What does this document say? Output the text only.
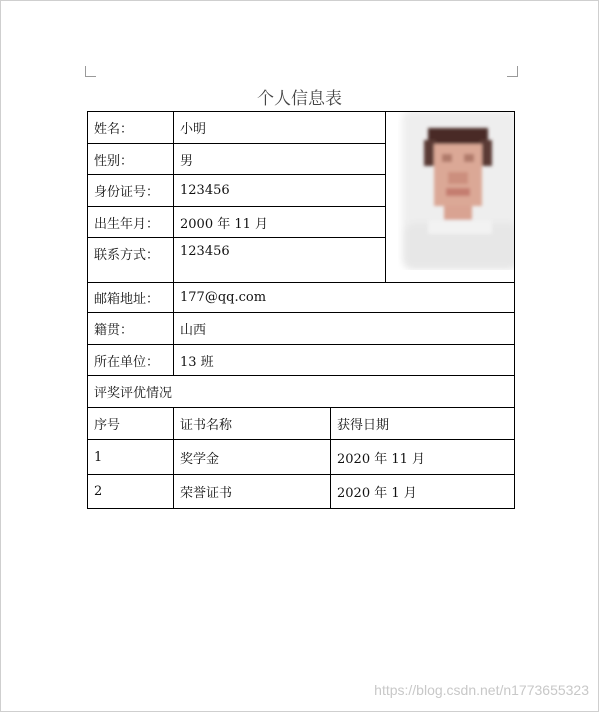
个人信息表
姓名：	小明	

性别：	男		
身份证号：	123456		
出生年月：	2000 年 11 月		
联系方式：	123456		
邮箱地址：	177@qq.com		
籍贯：	山西		
所在单位：	13 班		
评奖评优情况			
序号	证书名称	获得日期	
1	奖学金	2020 年 11 月	
2	荣誉证书	2020 年 1 月	
https://blog.csdn.net/n1773655323
